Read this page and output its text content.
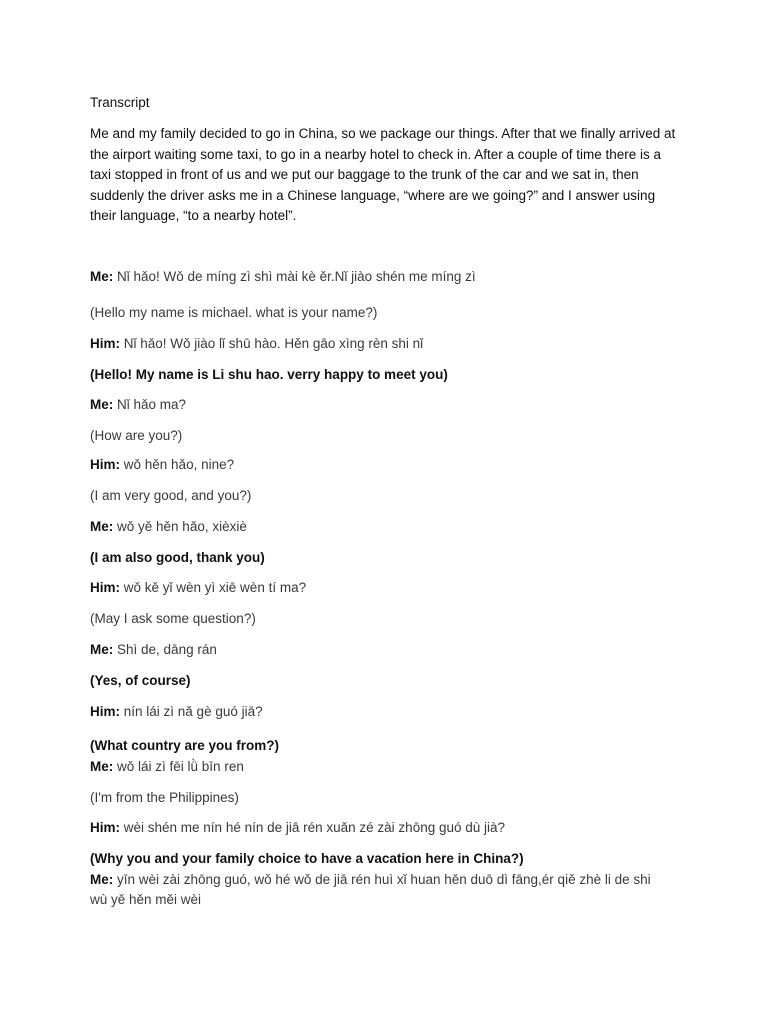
Transcript
Me and my family decided to go in China, so we package our things. After that we finally arrived at the airport waiting some taxi, to go in a nearby hotel to check in. After a couple of time there is a taxi stopped in front of us and we put our baggage to the trunk of the car and we sat in, then suddenly the driver asks me in a Chinese language, “where are we going?” and I answer using their language, “to a nearby hotel”.
Me: Nǐ hǎo! Wǒ de míng zì shì mài kè ěr.Nǐ jiào shén me míng zì
(Hello my name is michael. what is your name?)
Him: Nǐ hǎo! Wǒ jiào lǐ shū hào. Hěn gāo xìng rèn shi nǐ
(Hello! My name is Li shu hao. verry happy to meet you)
Me: Nǐ hǎo ma?
(How are you?)
Him: wǒ hěn hǎo, nine?
(I am very good, and you?)
Me: wǒ yě hěn hǎo, xièxiè
(I am also good, thank you)
Him: wǒ kě yǐ wèn yì xiē wèn tí ma?
(May I ask some question?)
Me: Shì de, dāng rán
(Yes, of course)
Him: nín lái zì nǎ gè guó jiā?
(What country are you from?)
Me: wǒ lái zì fēi lǜ bīn ren
(I'm from the Philippines)
Him: wèi shén me nín hé nín de jiā rén xuǎn zé zài zhōng guó dù jià?
(Why you and your family choice to have a vacation here in China?)
Me: yīn wèi zài zhōng guó, wǒ hé wǒ de jiā rén huì xǐ huan hěn duō dì fāng,ér qiě zhè li de shi
wù yě hěn měi wèi
